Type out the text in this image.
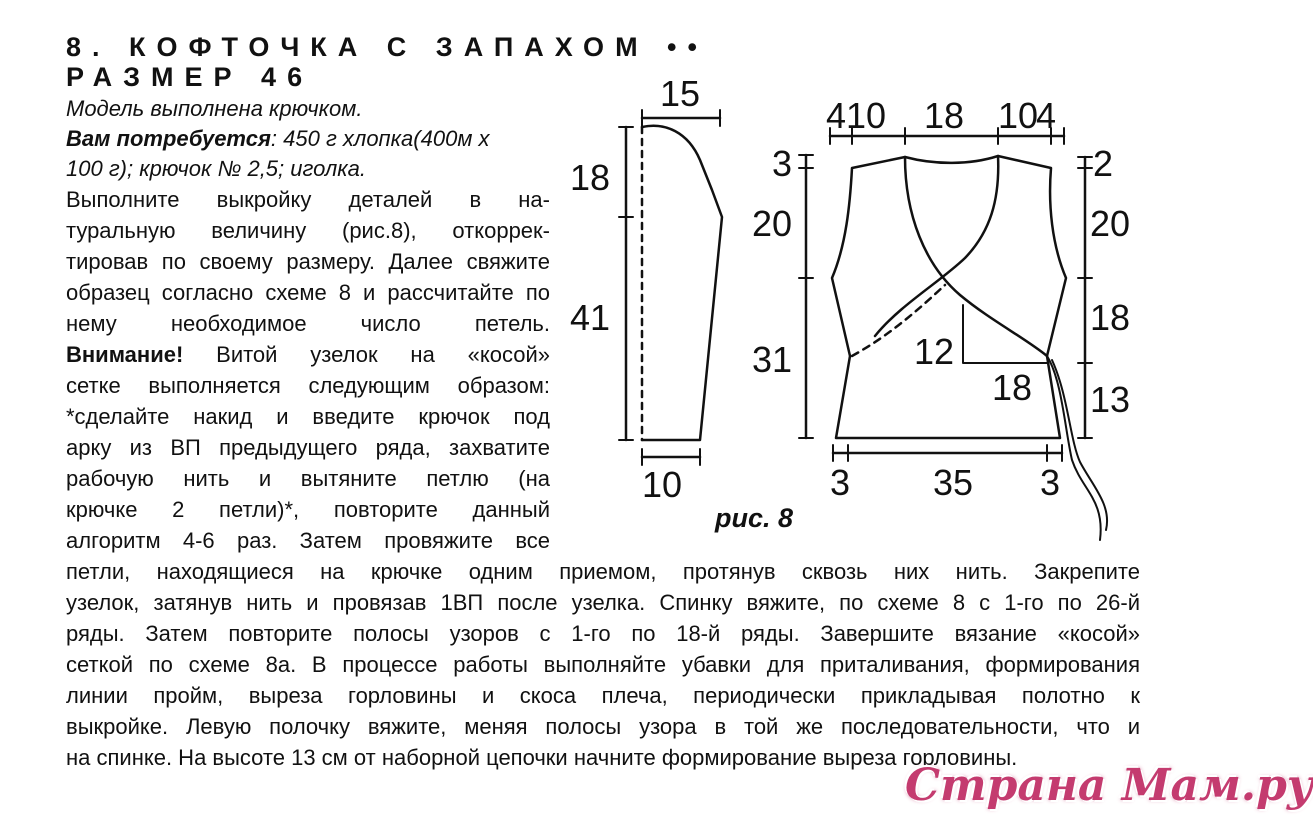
8. КОФТОЧКА С ЗАПАХОМ ••
РАЗМЕР 46
Модель выполнена крючком.
Вам потребуется: 450 г хлопка(400м х
100 г); крючок № 2,5; иголка.
Выполните выкройку деталей в на-
туральную величину (рис.8), откоррек-
тировав по своему размеру. Далее свяжите
образец согласно схеме 8 и рассчитайте по
нему необходимое число петель.
Внимание! Витой узелок на «косой»
сетке выполняется следующим образом:
*сделайте накид и введите крючок под
арку из ВП предыдущего ряда, захватите
рабочую нить и вытяните петлю (на
крючке 2 петли)*, повторите данный
алгоритм 4-6 раз. Затем провяжите все
петли, находящиеся на крючке одним приемом, протянув сквозь них нить. Закрепите
узелок, затянув нить и провязав 1ВП после узелка. Спинку вяжите, по схеме 8 с 1-го по 26-й
ряды. Затем повторите полосы узоров с 1-го по 18-й ряды. Завершите вязание «косой»
сеткой по схеме 8а. В процессе работы выполняйте убавки для приталивания, формирования
линии пройм, выреза горловины и скоса плеча, периодически прикладывая полотно к
выкройке. Левую полочку вяжите, меняя полосы узора в той же последовательности, что и
на спинке. На высоте 13 см от наборной цепочки начните формирование выреза горловины.
15
18
41
10
4 10 18 10
4
3
20
31
2
20
18
13
12
18
3 35 3
рис. 8
Страна Мам.ру
